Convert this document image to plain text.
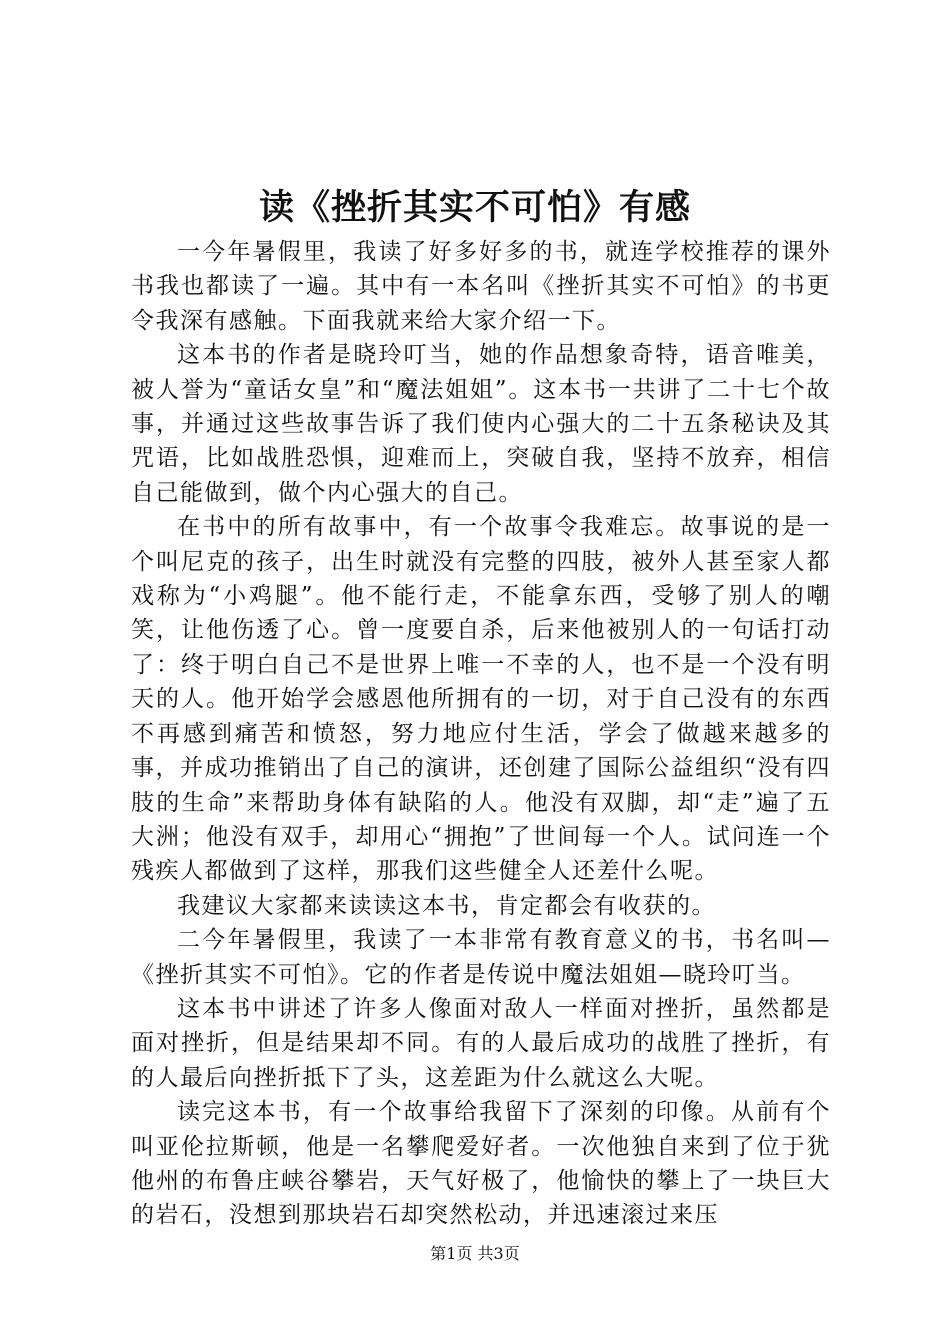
读《挫折其实不可怕》有感

一今年暑假里，我读了好多好多的书，就连学校推荐的课外书我也都读了一遍。其中有一本名叫《挫折其实不可怕》的书更令我深有感触。下面我就来给大家介绍一下。

这本书的作者是晓玲叮当，她的作品想象奇特，语音唯美，被人誉为“童话女皇”和“魔法姐姐”。这本书一共讲了二十七个故事，并通过这些故事告诉了我们使内心强大的二十五条秘诀及其咒语，比如战胜恐惧，迎难而上，突破自我，坚持不放弃，相信自己能做到，做个内心强大的自己。

在书中的所有故事中，有一个故事令我难忘。故事说的是一个叫尼克的孩子，出生时就没有完整的四肢，被外人甚至家人都戏称为“小鸡腿”。他不能行走，不能拿东西，受够了别人的嘲笑，让他伤透了心。曾一度要自杀，后来他被别人的一句话打动了：终于明白自己不是世界上唯一不幸的人，也不是一个没有明天的人。他开始学会感恩他所拥有的一切，对于自己没有的东西不再感到痛苦和愤怒，努力地应付生活，学会了做越来越多的事，并成功推销出了自己的演讲，还创建了国际公益组织“没有四肢的生命”来帮助身体有缺陷的人。他没有双脚，却“走”遍了五大洲；他没有双手，却用心“拥抱”了世间每一个人。试问连一个残疾人都做到了这样，那我们这些健全人还差什么呢。

我建议大家都来读读这本书，肯定都会有收获的。

二今年暑假里，我读了一本非常有教育意义的书，书名叫—《挫折其实不可怕》。它的作者是传说中魔法姐姐—晓玲叮当。

这本书中讲述了许多人像面对敌人一样面对挫折，虽然都是面对挫折，但是结果却不同。有的人最后成功的战胜了挫折，有的人最后向挫折抵下了头，这差距为什么就这么大呢。

读完这本书，有一个故事给我留下了深刻的印像。从前有个叫亚伦拉斯顿，他是一名攀爬爱好者。一次他独自来到了位于犹他州的布鲁庄峡谷攀岩，天气好极了，他愉快的攀上了一块巨大的岩石，没想到那块岩石却突然松动，并迅速滚过来压

第1页 共3页
